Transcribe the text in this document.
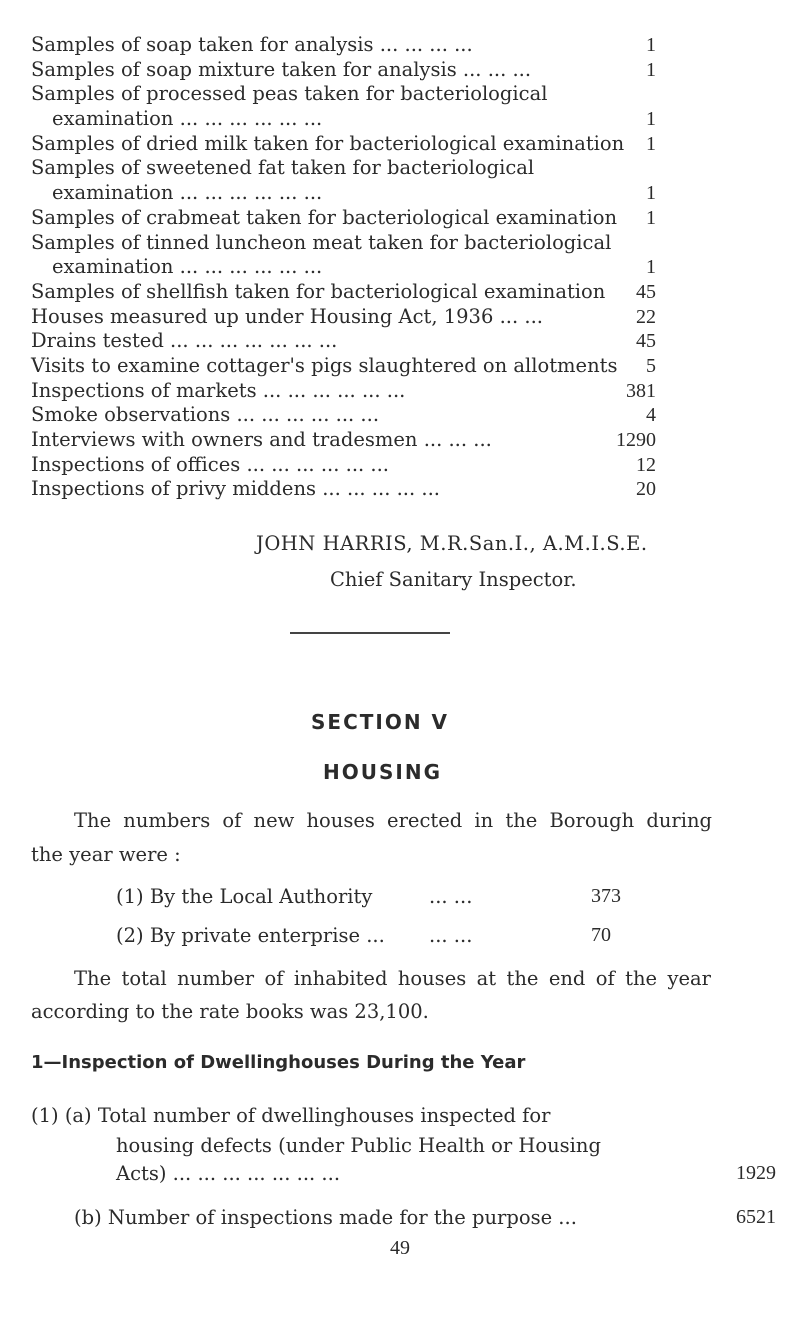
Samples of soap taken for analysis ... ... ... ...	1
Samples of soap mixture taken for analysis ... ... ...	1
Samples of processed peas taken for bacteriological
examination ... ... ... ... ... ...	1
Samples of dried milk taken for bacteriological examination 1
Samples of sweetened fat taken for bacteriological
examination ... ... ... ... ... ...	1
Samples of crabmeat taken for bacteriological examination 1
Samples of tinned luncheon meat taken for bacteriological
examination ... ... ... ... ... ...	1
Samples of shellfish taken for bacteriological examination 45
Houses measured up under Housing Act, 1936 ... ...	22
Drains tested ... ... ... ... ... ... ...	45
Visits to examine cottager's pigs slaughtered on allotments 5
Inspections of markets ... ... ... ... ... ...	381
Smoke observations ... ... ... ... ... ...	4
Interviews with owners and tradesmen ... ... ...	1290
Inspections of offices ... ... ... ... ... ...	12
Inspections of privy middens ... ... ... ... ...	20
JOHN HARRIS, M.R.San.I., A.M.I.S.E.
Chief Sanitary Inspector.
SECTION V
HOUSING
The numbers of new houses erected in the Borough during
the year were :
(1) By the Local Authority	... ...	373
(2) By private enterprise ... ... ...	70
The total number of inhabited houses at the end of the year
according to the rate books was 23,100.
1—Inspection of Dwellinghouses During the Year
(1) (a) Total number of dwellinghouses inspected for
housing defects (under Public Health or Housing
Acts) ... ... ... ... ... ... ...	1929
(b) Number of inspections made for the purpose ...	6521
49
